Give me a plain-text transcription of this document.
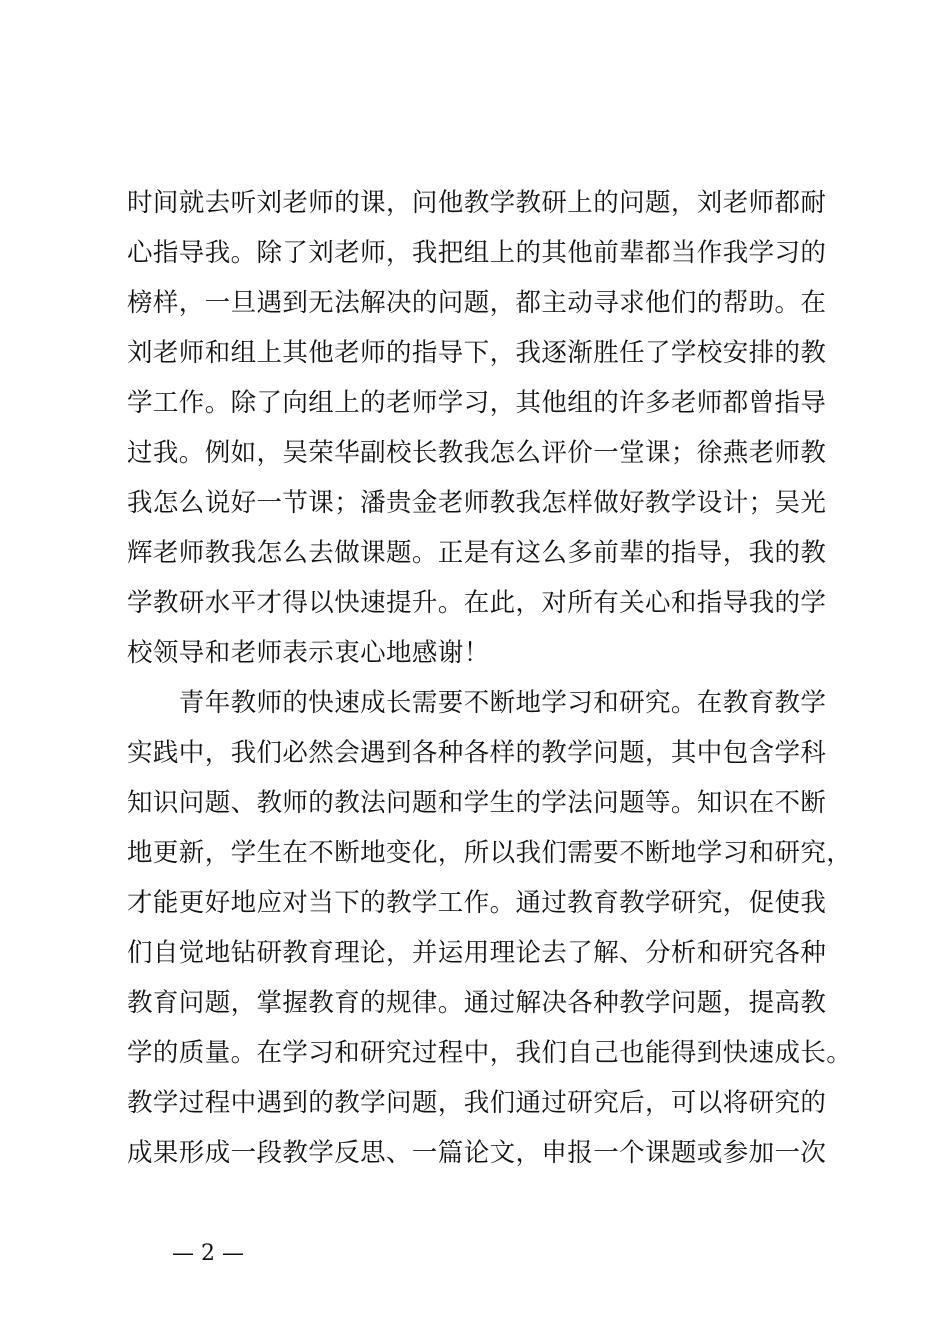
时间就去听刘老师的课，问他教学教研上的问题，刘老师都耐
心指导我。除了刘老师，我把组上的其他前辈都当作我学习的
榜样，一旦遇到无法解决的问题，都主动寻求他们的帮助。在
刘老师和组上其他老师的指导下，我逐渐胜任了学校安排的教
学工作。除了向组上的老师学习，其他组的许多老师都曾指导
过我。例如，吴荣华副校长教我怎么评价一堂课；徐燕老师教
我怎么说好一节课；潘贵金老师教我怎样做好教学设计；吴光
辉老师教我怎么去做课题。正是有这么多前辈的指导，我的教
学教研水平才得以快速提升。在此，对所有关心和指导我的学
校领导和老师表示衷心地感谢！
　　青年教师的快速成长需要不断地学习和研究。在教育教学
实践中，我们必然会遇到各种各样的教学问题，其中包含学科
知识问题、教师的教法问题和学生的学法问题等。知识在不断
地更新，学生在不断地变化，所以我们需要不断地学习和研究，
才能更好地应对当下的教学工作。通过教育教学研究，促使我
们自觉地钻研教育理论，并运用理论去了解、分析和研究各种
教育问题，掌握教育的规律。通过解决各种教学问题，提高教
学的质量。在学习和研究过程中，我们自己也能得到快速成长。
教学过程中遇到的教学问题，我们通过研究后，可以将研究的
成果形成一段教学反思、一篇论文，申报一个课题或参加一次
— 2 —
